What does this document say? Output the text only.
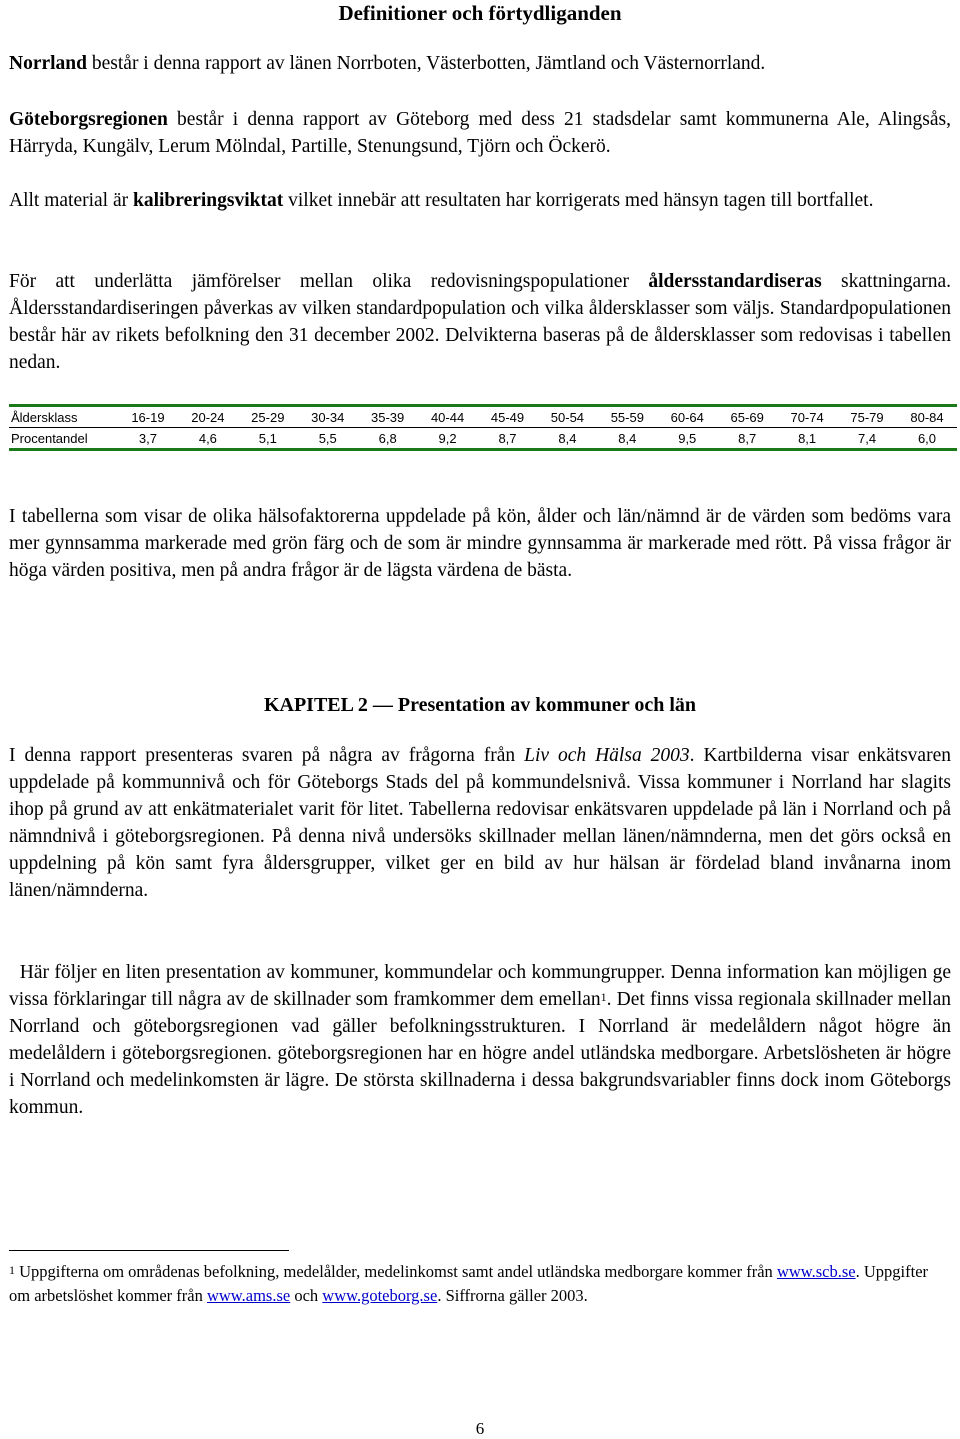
Definitioner och förtydliganden

Norrland består i denna rapport av länen Norrboten, Västerbotten, Jämtland och Västernorrland.

Göteborgsregionen består i denna rapport av Göteborg med dess 21 stadsdelar samt kommunerna Ale, Alingsås, Härryda, Kungälv, Lerum Mölndal, Partille, Stenungsund, Tjörn och Öckerö.

Allt material är kalibreringsviktat vilket innebär att resultaten har korrigerats med hänsyn tagen till bortfallet.

För att underlätta jämförelser mellan olika redovisningspopulationer åldersstandardiseras skattningarna. Åldersstandardiseringen påverkas av vilken standardpopulation och vilka åldersklasser som väljs. Standardpopulationen består här av rikets befolkning den 31 december 2002. Delvikterna baseras på de åldersklasser som redovisas i tabellen nedan.

Åldersklass	16-19	20-24	25-29	30-34	35-39	40-44	45-49	50-54	55-59	60-64	65-69	70-74	75-79	80-84
Procentandel	3,7	4,6	5,1	5,5	6,8	9,2	8,7	8,4	8,4	9,5	8,7	8,1	7,4	6,0

I tabellerna som visar de olika hälsofaktorerna uppdelade på kön, ålder och län/nämnd är de värden som bedöms vara mer gynnsamma markerade med grön färg och de som är mindre gynnsamma är markerade med rött. På vissa frågor är höga värden positiva, men på andra frågor är de lägsta värdena de bästa.

KAPITEL 2 — Presentation av kommuner och län

I denna rapport presenteras svaren på några av frågorna från Liv och Hälsa 2003. Kartbilderna visar enkätsvaren uppdelade på kommunnivå och för Göteborgs Stads del på kommundelsnivå. Vissa kommuner i Norrland har slagits ihop på grund av att enkätmaterialet varit för litet. Tabellerna redovisar enkätsvaren uppdelade på län i Norrland och på nämndnivå i göteborgsregionen. På denna nivå undersöks skillnader mellan länen/nämnderna, men det görs också en uppdelning på kön samt fyra åldersgrupper, vilket ger en bild av hur hälsan är fördelad bland invånarna inom länen/nämnderna.

Här följer en liten presentation av kommuner, kommundelar och kommungrupper. Denna information kan möjligen ge vissa förklaringar till några av de skillnader som framkommer dem emellan$^1$. Det finns vissa regionala skillnader mellan Norrland och göteborgsregionen vad gäller befolkningsstrukturen. I Norrland är medelåldern något högre än medelåldern i göteborgsregionen. göteborgsregionen har en högre andel utländska medborgare. Arbetslösheten är högre i Norrland och medelinkomsten är lägre. De största skillnaderna i dessa bakgrundsvariabler finns dock inom Göteborgs kommun.

$^1$ Uppgifterna om områdenas befolkning, medelålder, medelinkomst samt andel utländska medborgare kommer från www.scb.se. Uppgifter om arbetslöshet kommer från www.ams.se och www.goteborg.se. Siffrorna gäller 2003.

6
